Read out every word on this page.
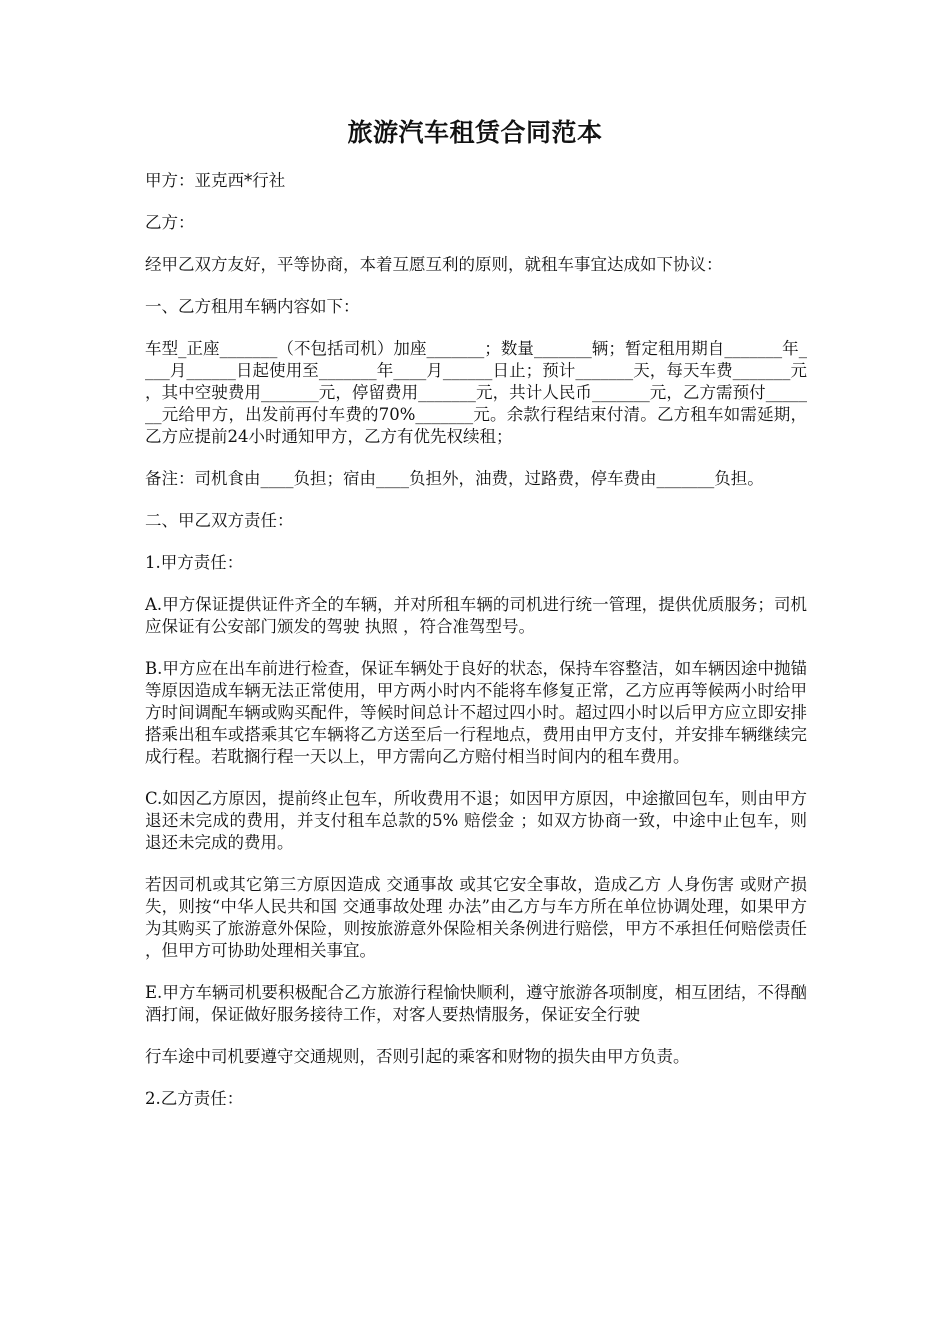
旅游汽车租赁合同范本

甲方：亚克西*行社

乙方：

经甲乙双方友好，平等协商，本着互愿互利的原则，就租车事宜达成如下协议：

一、乙方租用车辆内容如下：

车型_正座_______（不包括司机）加座_______；数量_______辆；暂定租用期自_______年____月______日起使用至_______年____月______日止；预计_______天，每天车费_______元，其中空驶费用_______元，停留费用_______元，共计人民币_______元，乙方需预付_______元给甲方，出发前再付车费的70%_______元。余款行程结束付清。乙方租车如需延期，乙方应提前24小时通知甲方，乙方有优先权续租；

备注：司机食由____负担；宿由____负担外，油费，过路费，停车费由_______负担。

二、甲乙双方责任：

1.甲方责任：

A.甲方保证提供证件齐全的车辆，并对所租车辆的司机进行统一管理，提供优质服务；司机应保证有公安部门颁发的驾驶 执照 ，符合准驾型号。

B.甲方应在出车前进行检查，保证车辆处于良好的状态，保持车容整洁，如车辆因途中抛锚等原因造成车辆无法正常使用，甲方两小时内不能将车修复正常，乙方应再等候两小时给甲方时间调配车辆或购买配件，等候时间总计不超过四小时。超过四小时以后甲方应立即安排搭乘出租车或搭乘其它车辆将乙方送至后一行程地点，费用由甲方支付，并安排车辆继续完成行程。若耽搁行程一天以上，甲方需向乙方赔付相当时间内的租车费用。

C.如因乙方原因，提前终止包车，所收费用不退；如因甲方原因，中途撤回包车，则由甲方退还未完成的费用，并支付租车总款的5% 赔偿金 ；如双方协商一致，中途中止包车，则退还未完成的费用。

若因司机或其它第三方原因造成 交通事故 或其它安全事故，造成乙方 人身伤害 或财产损失，则按“中华人民共和国 交通事故处理 办法”由乙方与车方所在单位协调处理，如果甲方为其购买了旅游意外保险，则按旅游意外保险相关条例进行赔偿，甲方不承担任何赔偿责任，但甲方可协助处理相关事宜。

E.甲方车辆司机要积极配合乙方旅游行程愉快顺利，遵守旅游各项制度，相互团结，不得酗酒打闹，保证做好服务接待工作，对客人要热情服务，保证安全行驶

行车途中司机要遵守交通规则，否则引起的乘客和财物的损失由甲方负责。

2.乙方责任：
